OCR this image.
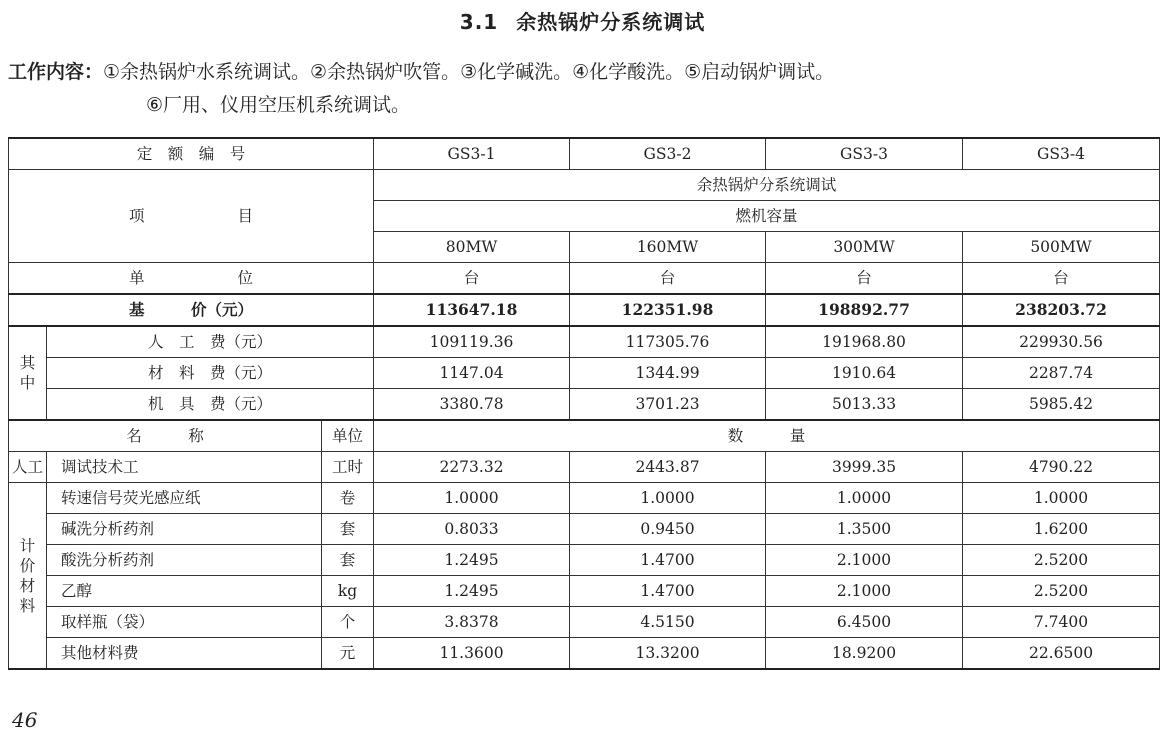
3.1 余热锅炉分系统调试
工作内容：①余热锅炉水系统调试。②余热锅炉吹管。③化学碱洗。④化学酸洗。⑤启动锅炉调试。
⑥厂用、仪用空压机系统调试。
定　额　编　号			GS3-1	GS3-2	GS3-3	GS3-4
项　　　　　　目			余热锅炉分系统调试			
			燃机容量			
			80MW	160MW	300MW	500MW
单　　　　　　位			台	台	台	台
基　　　价（元）			113647.18	122351.98	198892.77	238203.72

其
中	人　工　费（元）		109119.36	117305.76	191968.80	229930.56
	材　料　费（元）		1147.04	1344.99	1910.64	2287.74
	机　具　费（元）		3380.78	3701.23	5013.33	5985.42
名　　　称		单位	数　　　量			
人工	调试技术工	工时	2273.32	2443.87	3999.35	4790.22

计
价
材
料	转速信号荧光感应纸	卷	1.0000	1.0000	1.0000	1.0000
	碱洗分析药剂	套	0.8033	0.9450	1.3500	1.6200
	酸洗分析药剂	套	1.2495	1.4700	2.1000	2.5200
	乙醇	kg	1.2495	1.4700	2.1000	2.5200
	取样瓶（袋）	个	3.8378	4.5150	6.4500	7.7400
	其他材料费	元	11.3600	13.3200	18.9200	22.6500
46
